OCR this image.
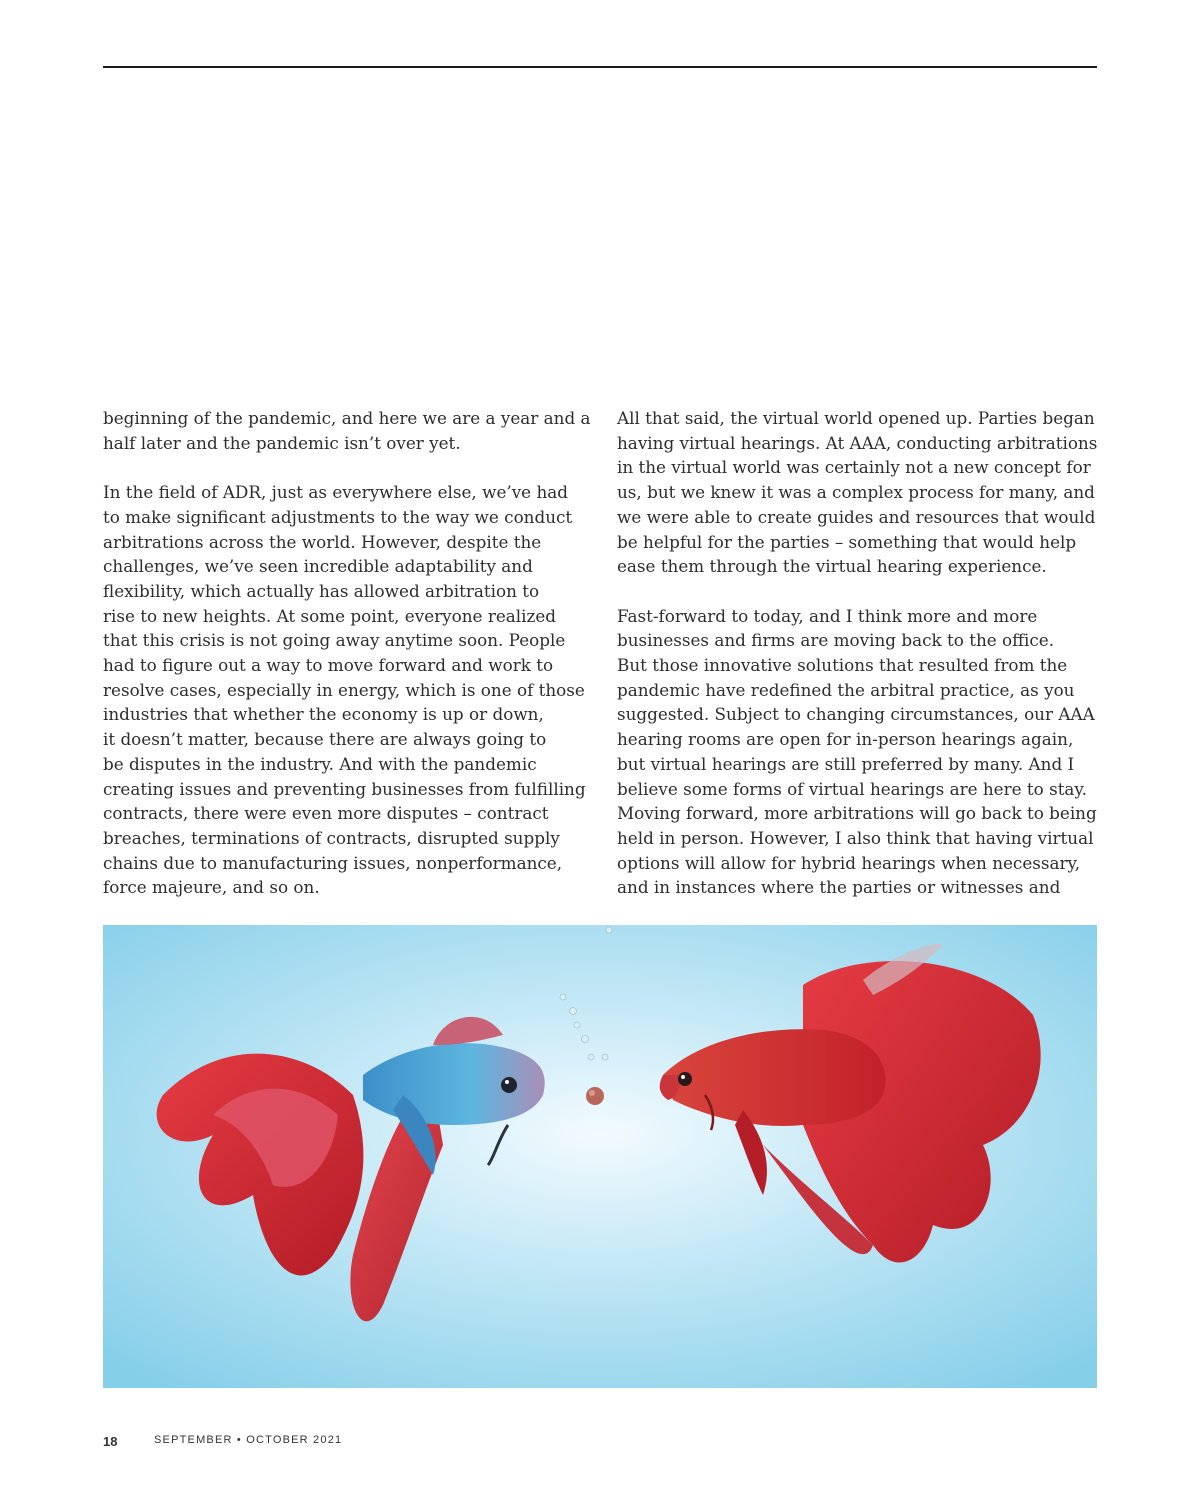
beginning of the pandemic, and here we are a year and a
half later and the pandemic isn’t over yet.

In the field of ADR, just as everywhere else, we’ve had
to make significant adjustments to the way we conduct
arbitrations across the world. However, despite the
challenges, we’ve seen incredible adaptability and
flexibility, which actually has allowed arbitration to
rise to new heights. At some point, everyone realized
that this crisis is not going away anytime soon. People
had to figure out a way to move forward and work to
resolve cases, especially in energy, which is one of those
industries that whether the economy is up or down,
it doesn’t matter, because there are always going to
be disputes in the industry. And with the pandemic
creating issues and preventing businesses from fulfilling
contracts, there were even more disputes – contract
breaches, terminations of contracts, disrupted supply
chains due to manufacturing issues, nonperformance,
force majeure, and so on.

All that said, the virtual world opened up. Parties began
having virtual hearings. At AAA, conducting arbitrations
in the virtual world was certainly not a new concept for
us, but we knew it was a complex process for many, and
we were able to create guides and resources that would
be helpful for the parties – something that would help
ease them through the virtual hearing experience.

Fast-forward to today, and I think more and more
businesses and firms are moving back to the office.
But those innovative solutions that resulted from the
pandemic have redefined the arbitral practice, as you
suggested. Subject to changing circumstances, our AAA
hearing rooms are open for in-person hearings again,
but virtual hearings are still preferred by many. And I
believe some forms of virtual hearings are here to stay.
Moving forward, more arbitrations will go back to being
held in person. However, I also think that having virtual
options will allow for hybrid hearings when necessary,
and in instances where the parties or witnesses and

18	SEPTEMBER • OCTOBER 2021
